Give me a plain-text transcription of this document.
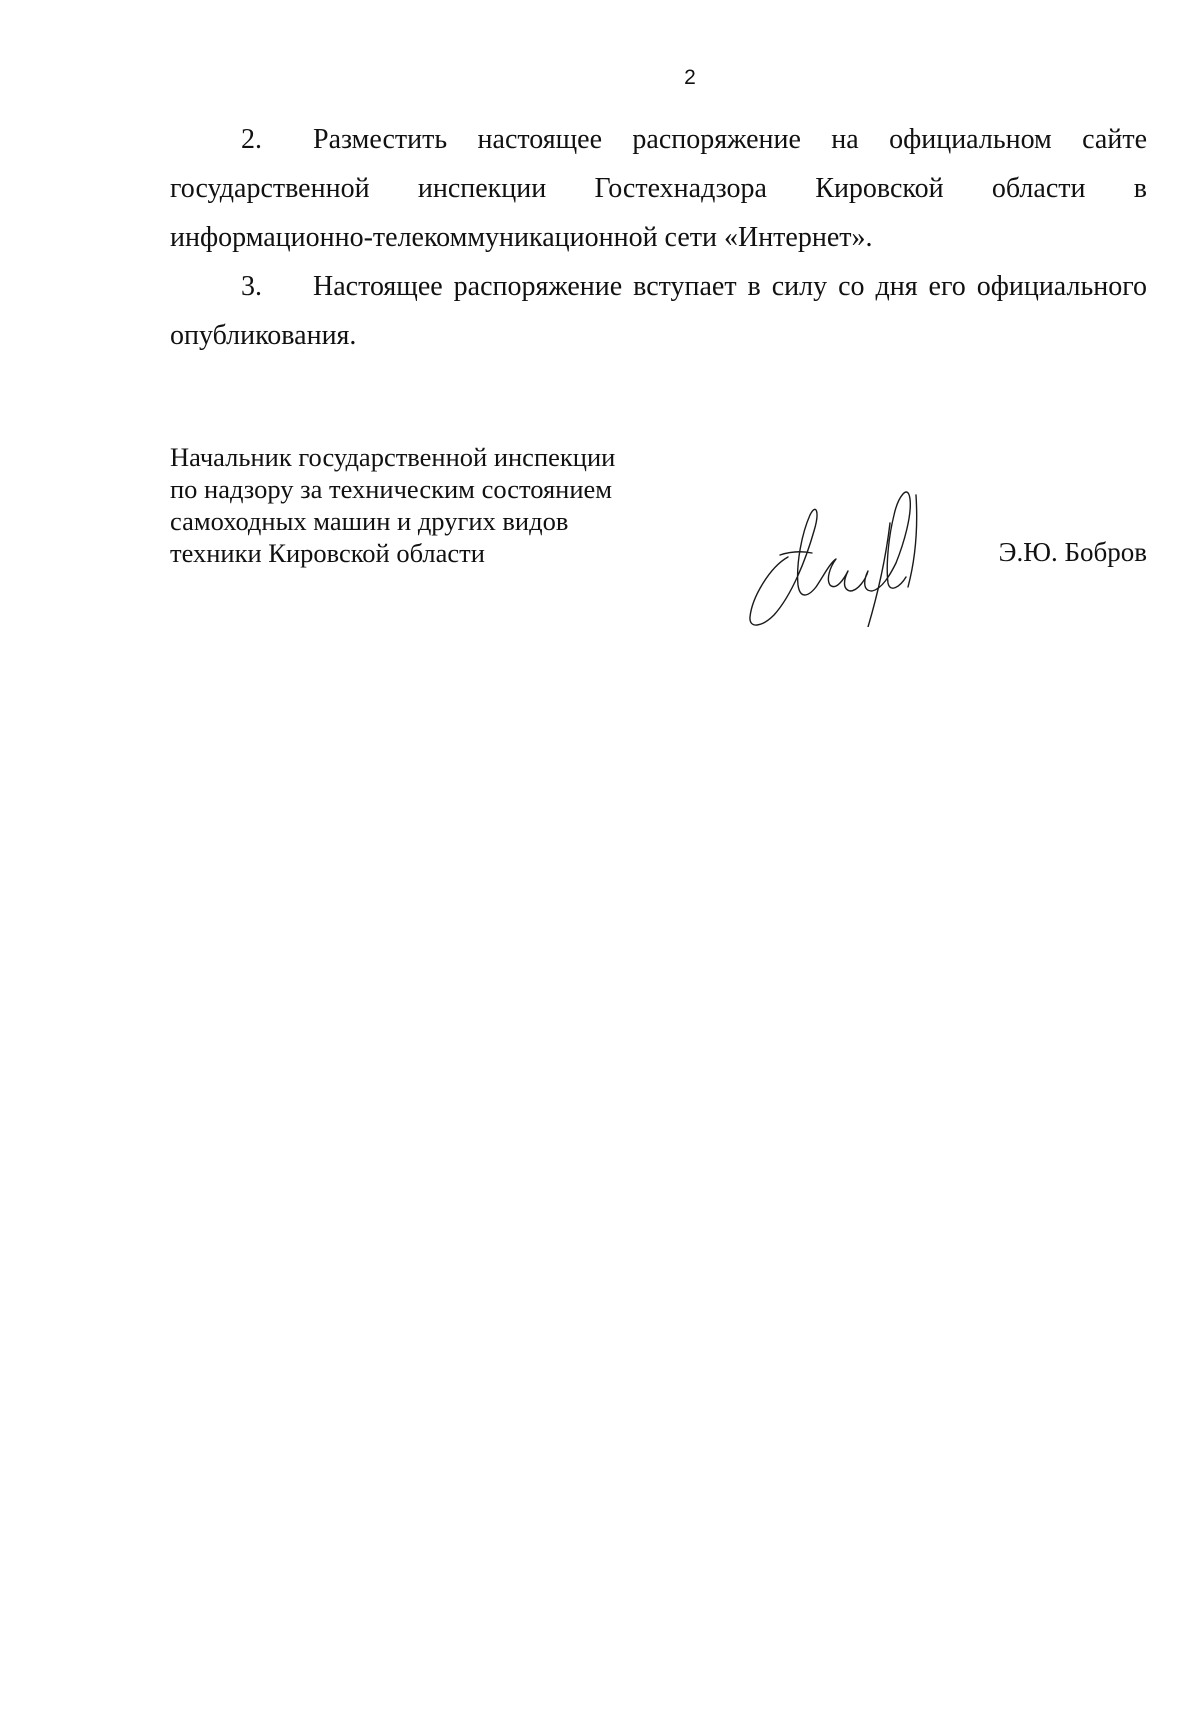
2

2. Разместить настоящее распоряжение на официальном сайте государственной инспекции Гостехнадзора Кировской области в информационно-телекоммуникационной сети «Интернет».

3. Настоящее распоряжение вступает в силу со дня его официального опубликования.

Начальник государственной инспекции
по надзору за техническим состоянием
самоходных машин и других видов
техники Кировской области	Э.Ю. Бобров
